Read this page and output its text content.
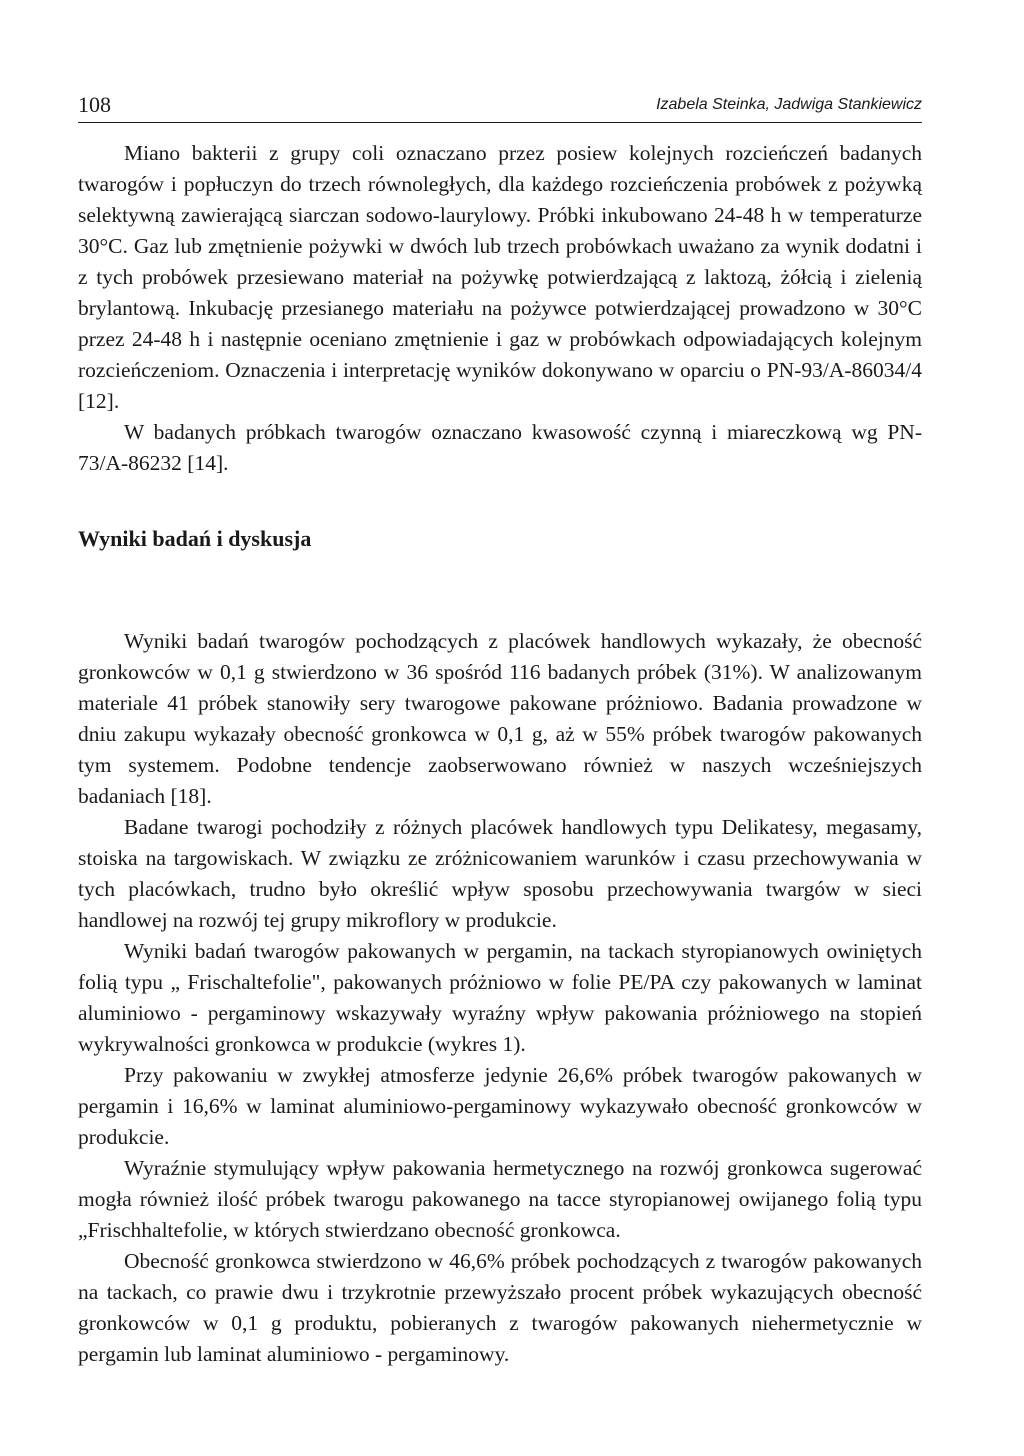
108	Izabela Steinka, Jadwiga Stankiewicz

Miano bakterii z grupy coli oznaczano przez posiew kolejnych rozcieńczeń badanych twarogów i popłuczyn do trzech równoległych, dla każdego rozcieńczenia probówek z pożywką selektywną zawierającą siarczan sodowo-laurylowy. Próbki inkubowano 24-48 h w temperaturze 30°C. Gaz lub zmętnienie pożywki w dwóch lub trzech probówkach uważano za wynik dodatni i z tych probówek przesiewano materiał na pożywkę potwierdzającą z laktozą, żółcią i zielenią brylantową. Inkubację przesianego materiału na pożywce potwierdzającej prowadzono w 30°C przez 24-48 h i następnie oceniano zmętnienie i gaz w probówkach odpowiadających kolejnym rozcieńczeniom. Oznaczenia i interpretację wyników dokonywano w oparciu o PN-93/A-86034/4 [12].

W badanych próbkach twarogów oznaczano kwasowość czynną i miareczkową wg PN-73/A-86232 [14].

Wyniki badań i dyskusja

Wyniki badań twarogów pochodzących z placówek handlowych wykazały, że obecność gronkowców w 0,1 g stwierdzono w 36 spośród 116 badanych próbek (31%). W analizowanym materiale 41 próbek stanowiły sery twarogowe pakowane próżniowo. Badania prowadzone w dniu zakupu wykazały obecność gronkowca w 0,1 g, aż w 55% próbek twarogów pakowanych tym systemem. Podobne tendencje zaobserwowano również w naszych wcześniejszych badaniach [18].

Badane twarogi pochodziły z różnych placówek handlowych typu Delikatesy, megasamy, stoiska na targowiskach. W związku ze zróżnicowaniem warunków i czasu przechowywania w tych placówkach, trudno było określić wpływ sposobu przechowywania twargów w sieci handlowej na rozwój tej grupy mikroflory w produkcie.

Wyniki badań twarogów pakowanych w pergamin, na tackach styropianowych owiniętych folią typu „ Frischaltefolie", pakowanych próżniowo w folie PE/PA czy pakowanych w laminat aluminiowo - pergaminowy wskazywały wyraźny wpływ pakowania próżniowego na stopień wykrywalności gronkowca w produkcie (wykres 1).

Przy pakowaniu w zwykłej atmosferze jedynie 26,6% próbek twarogów pakowanych w pergamin i 16,6% w laminat aluminiowo-pergaminowy wykazywało obecność gronkowców w produkcie.

Wyraźnie stymulujący wpływ pakowania hermetycznego na rozwój gronkowca sugerować mogła również ilość próbek twarogu pakowanego na tacce styropianowej owijanego folią typu „Frischhaltefolie, w których stwierdzano obecność gronkowca.

Obecność gronkowca stwierdzono w 46,6% próbek pochodzących z twarogów pakowanych na tackach, co prawie dwu i trzykrotnie przewyższało procent próbek wykazujących obecność gronkowców w 0,1 g produktu, pobieranych z twarogów pakowanych niehermetycznie w pergamin lub laminat aluminiowo - pergaminowy.
